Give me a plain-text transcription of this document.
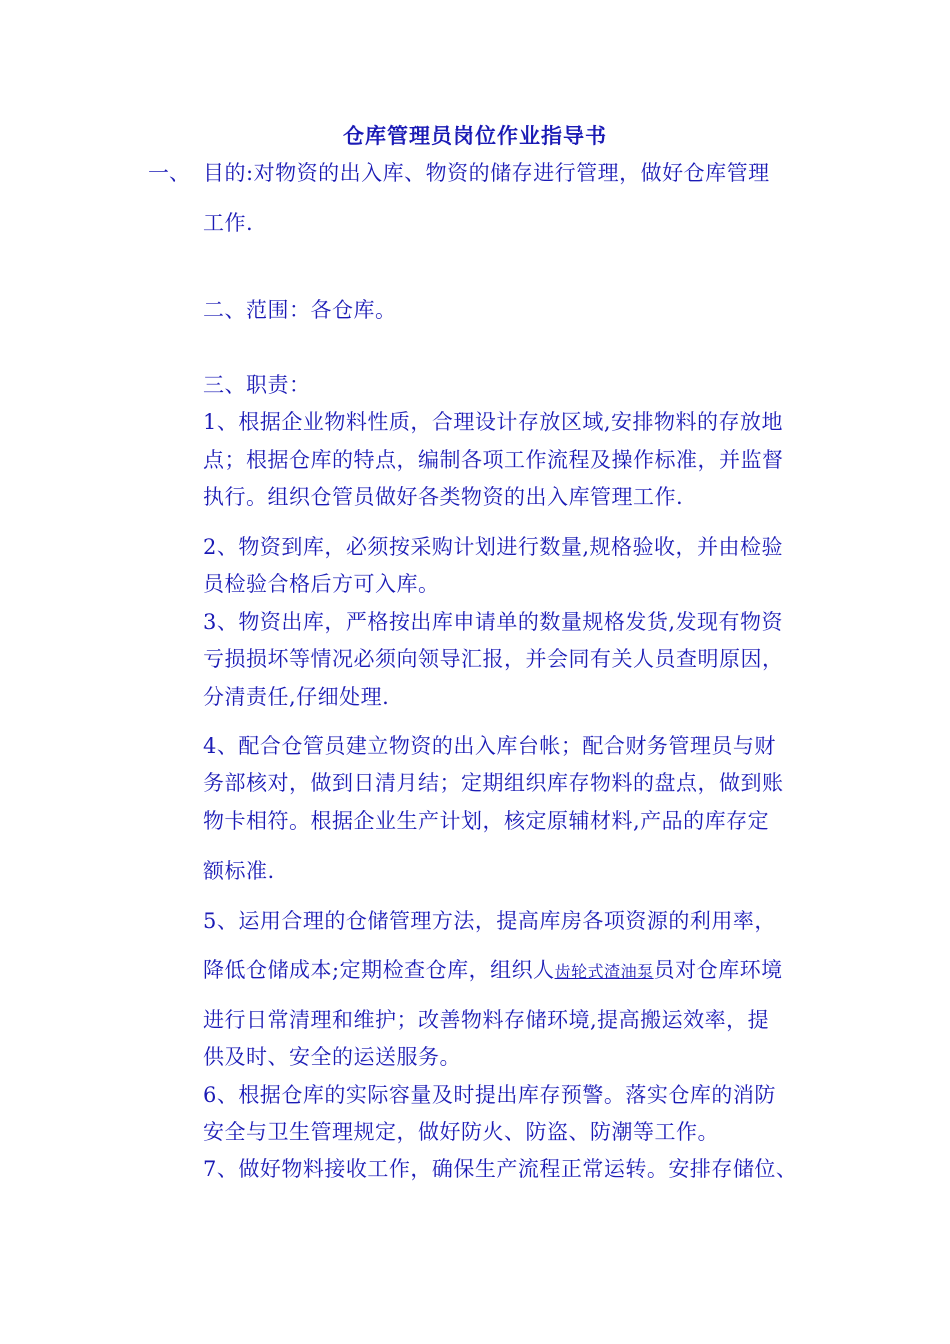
仓库管理员岗位作业指导书
一、 目的:对物资的出入库、物资的储存进行管理，做好仓库管理
工作.
二、范围：各仓库。
三、职责：
1、根据企业物料性质，合理设计存放区域,安排物料的存放地
点；根据仓库的特点，编制各项工作流程及操作标准，并监督
执行。组织仓管员做好各类物资的出入库管理工作.
2、物资到库，必须按采购计划进行数量,规格验收，并由检验
员检验合格后方可入库。
3、物资出库，严格按出库申请单的数量规格发货,发现有物资
亏损损坏等情况必须向领导汇报，并会同有关人员查明原因，
分清责任,仔细处理.
4、配合仓管员建立物资的出入库台帐；配合财务管理员与财
务部核对，做到日清月结；定期组织库存物料的盘点，做到账
物卡相符。根据企业生产计划，核定原辅材料,产品的库存定
额标准.
5、运用合理的仓储管理方法，提高库房各项资源的利用率，
降低仓储成本;定期检查仓库，组织人齿轮式渣油泵员对仓库环境
进行日常清理和维护；改善物料存储环境,提高搬运效率，提
供及时、安全的运送服务。
6、根据仓库的实际容量及时提出库存预警。落实仓库的消防
安全与卫生管理规定，做好防火、防盗、防潮等工作。
7、做好物料接收工作，确保生产流程正常运转。安排存储位、
